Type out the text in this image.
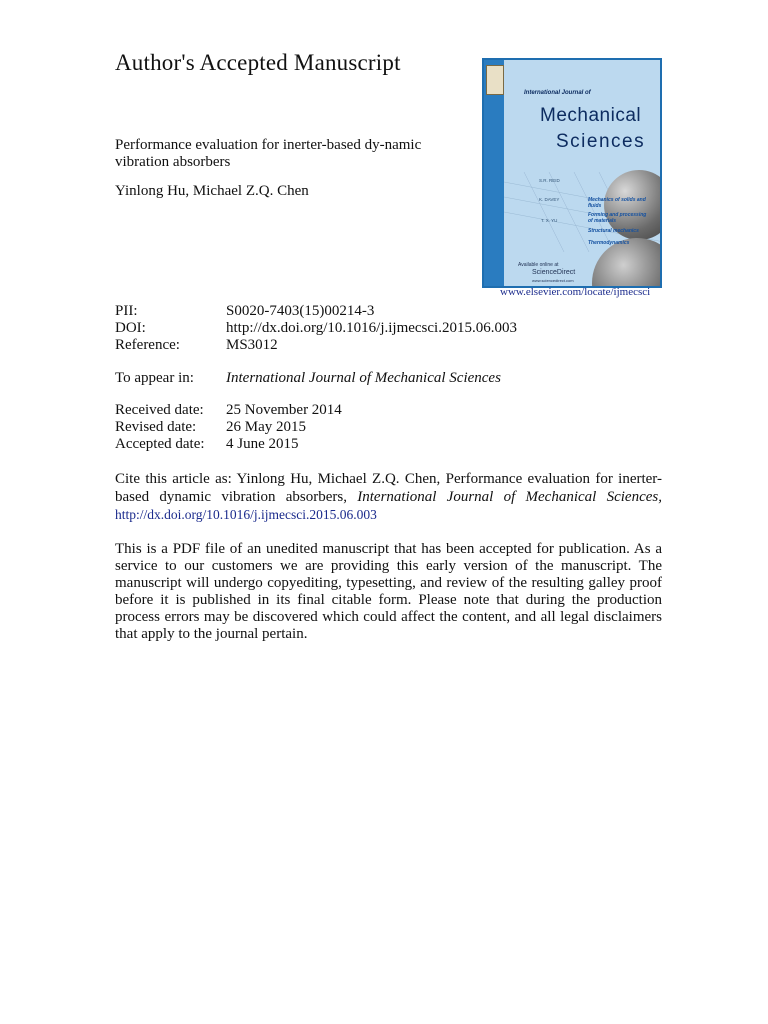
Author's Accepted Manuscript
Performance evaluation for inerter-based dy-namic vibration absorbers
Yinlong Hu, Michael Z.Q. Chen
International Journal of
Mechanical
Sciences
S.R. REID
K. DAVEY
T. X. YU
Mechanics of solids and fluids
Forming and processing of materials
Structural mechanics
Thermodynamics
Available online at
ScienceDirect
www.sciencedirect.com
www.elsevier.com/locate/ijmecsci
PII:	S0020-7403(15)00214-3
DOI:	http://dx.doi.org/10.1016/j.ijmecsci.2015.06.003
Reference:	MS3012
To appear in: International Journal of Mechanical Sciences
Received date: 25 November 2014
Revised date: 26 May 2015
Accepted date: 4 June 2015
Cite this article as: Yinlong Hu, Michael Z.Q. Chen, Performance evaluation for inerter-based dynamic vibration absorbers, International Journal of Mechanical Sciences, http://dx.doi.org/10.1016/j.ijmecsci.2015.06.003
This is a PDF file of an unedited manuscript that has been accepted for publication. As a service to our customers we are providing this early version of the manuscript. The manuscript will undergo copyediting, typesetting, and review of the resulting galley proof before it is published in its final citable form. Please note that during the production process errors may be discovered which could affect the content, and all legal disclaimers that apply to the journal pertain.
